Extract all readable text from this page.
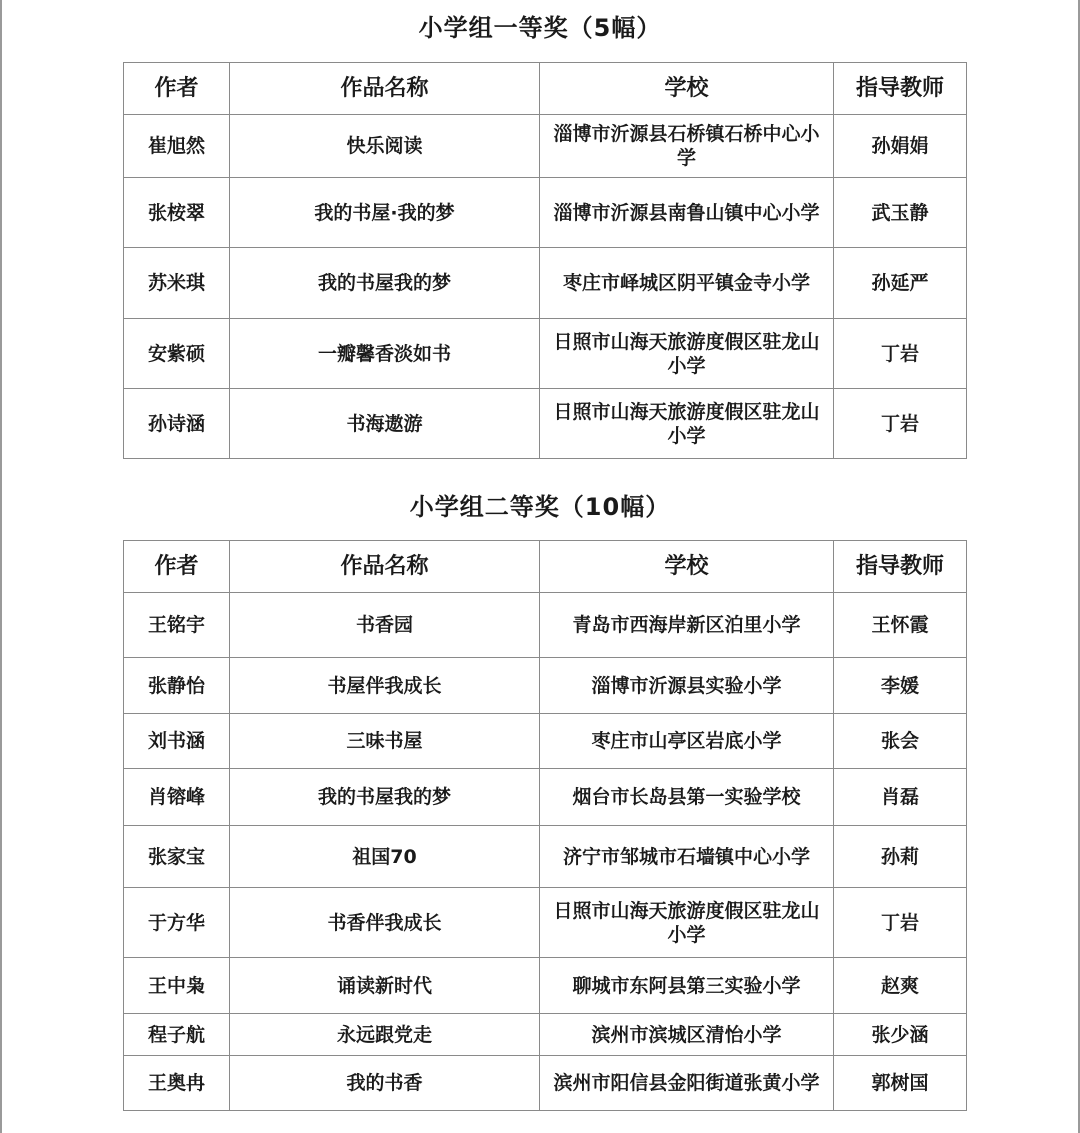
小学组一等奖（5幅）
作者	作品名称	学校	指导教师
崔旭然	快乐阅读	淄博市沂源县石桥镇石桥中心小学	孙娟娟
张桉翠	我的书屋·我的梦	淄博市沂源县南鲁山镇中心小学	武玉静
苏米琪	我的书屋我的梦	枣庄市峄城区阴平镇金寺小学	孙延严
安紫硕	一瓣馨香淡如书	日照市山海天旅游度假区驻龙山小学	丁岩
孙诗涵	书海遨游	日照市山海天旅游度假区驻龙山小学	丁岩
小学组二等奖（10幅）
作者	作品名称	学校	指导教师
王铭宇	书香园	青岛市西海岸新区泊里小学	王怀霞
张静怡	书屋伴我成长	淄博市沂源县实验小学	李媛
刘书涵	三味书屋	枣庄市山亭区岩底小学	张会
肖镕峰	我的书屋我的梦	烟台市长岛县第一实验学校	肖磊
张家宝	祖国70	济宁市邹城市石墙镇中心小学	孙莉
于方华	书香伴我成长	日照市山海天旅游度假区驻龙山小学	丁岩
王中枭	诵读新时代	聊城市东阿县第三实验小学	赵爽
程子航	永远跟党走	滨州市滨城区清怡小学	张少涵
王奥冉	我的书香	滨州市阳信县金阳街道张黄小学	郭树国
